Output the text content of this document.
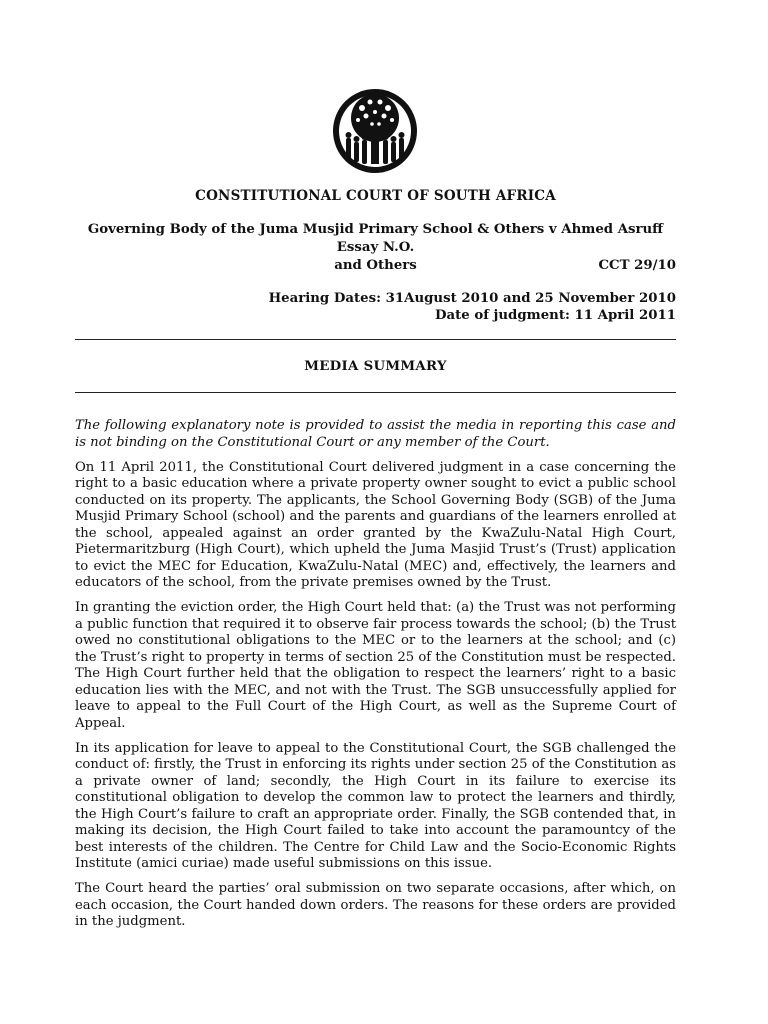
CONSTITUTIONAL COURT OF SOUTH AFRICA
Governing Body of the Juma Musjid Primary School & Others v Ahmed Asruff Essay N.O.
and Others	CCT 29/10
Hearing Dates: 31August 2010 and 25 November 2010
Date of judgment: 11 April 2011
MEDIA SUMMARY

The following explanatory note is provided to assist the media in reporting this case and is not binding on the Constitutional Court or any member of the Court.

On 11 April 2011, the Constitutional Court delivered judgment in a case concerning the right to a basic education where a private property owner sought to evict a public school conducted on its property. The applicants, the School Governing Body (SGB) of the Juma Musjid Primary School (school) and the parents and guardians of the learners enrolled at the school, appealed against an order granted by the KwaZulu-Natal High Court, Pietermaritzburg (High Court), which upheld the Juma Masjid Trust’s (Trust) application to evict the MEC for Education, KwaZulu-Natal (MEC) and, effectively, the learners and educators of the school, from the private premises owned by the Trust.

In granting the eviction order, the High Court held that: (a) the Trust was not performing a public function that required it to observe fair process towards the school; (b) the Trust owed no constitutional obligations to the MEC or to the learners at the school; and (c) the Trust’s right to property in terms of section 25 of the Constitution must be respected. The High Court further held that the obligation to respect the learners’ right to a basic education lies with the MEC, and not with the Trust. The SGB unsuccessfully applied for leave to appeal to the Full Court of the High Court, as well as the Supreme Court of Appeal.

In its application for leave to appeal to the Constitutional Court, the SGB challenged the conduct of: firstly, the Trust in enforcing its rights under section 25 of the Constitution as a private owner of land; secondly, the High Court in its failure to exercise its constitutional obligation to develop the common law to protect the learners and thirdly, the High Court’s failure to craft an appropriate order. Finally, the SGB contended that, in making its decision, the High Court failed to take into account the paramountcy of the best interests of the children. The Centre for Child Law and the Socio-Economic Rights Institute (amici curiae) made useful submissions on this issue.

The Court heard the parties’ oral submission on two separate occasions, after which, on each occasion, the Court handed down orders. The reasons for these orders are provided in the judgment.
